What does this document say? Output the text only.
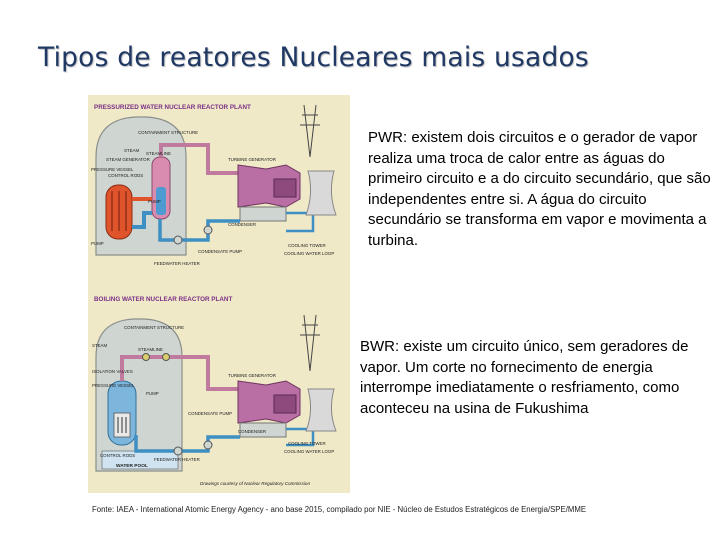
Tipos de reatores Nucleares mais usados
PRESSURIZED WATER NUCLEAR REACTOR PLANT
CONTAINMENT STRUCTURE
STEAM
STEAM GENERATOR
CONTROL RODS
STEAMLINE
PRESSURE VESSEL
TURBINE GENERATOR
PUMP
PUMP
CONDENSER
CONDENSATE PUMP
COOLING TOWER
COOLING WATER LOOP
FEEDWATER HEATER
BOILING WATER NUCLEAR REACTOR PLANT
CONTAINMENT STRUCTURE
STEAM
STEAMLINE
ISOLATION VALVES
PRESSURE VESSEL
TURBINE GENERATOR
PUMP
CONDENSATE PUMP
CONDENSER
CONTROL RODS
COOLING TOWER
COOLING WATER LOOP
FEEDWATER HEATER
WATER POOL
Drawings courtesy of Nuclear Regulatory Commission
PWR: existem dois circuitos e o gerador de vapor realiza uma troca de calor entre as águas do primeiro circuito e a do circuito secundário, que são independentes entre si. A água do circuito secundário se transforma em vapor e movimenta a turbina.
BWR: existe um circuito único, sem geradores de vapor. Um corte no fornecimento de energia interrompe imediatamente o resfriamento, como aconteceu na usina de Fukushima
Fonte: IAEA - International Atomic Energy Agency - ano base 2015, compilado por NIE - Núcleo de Estudos Estratégicos de Energia/SPE/MME
